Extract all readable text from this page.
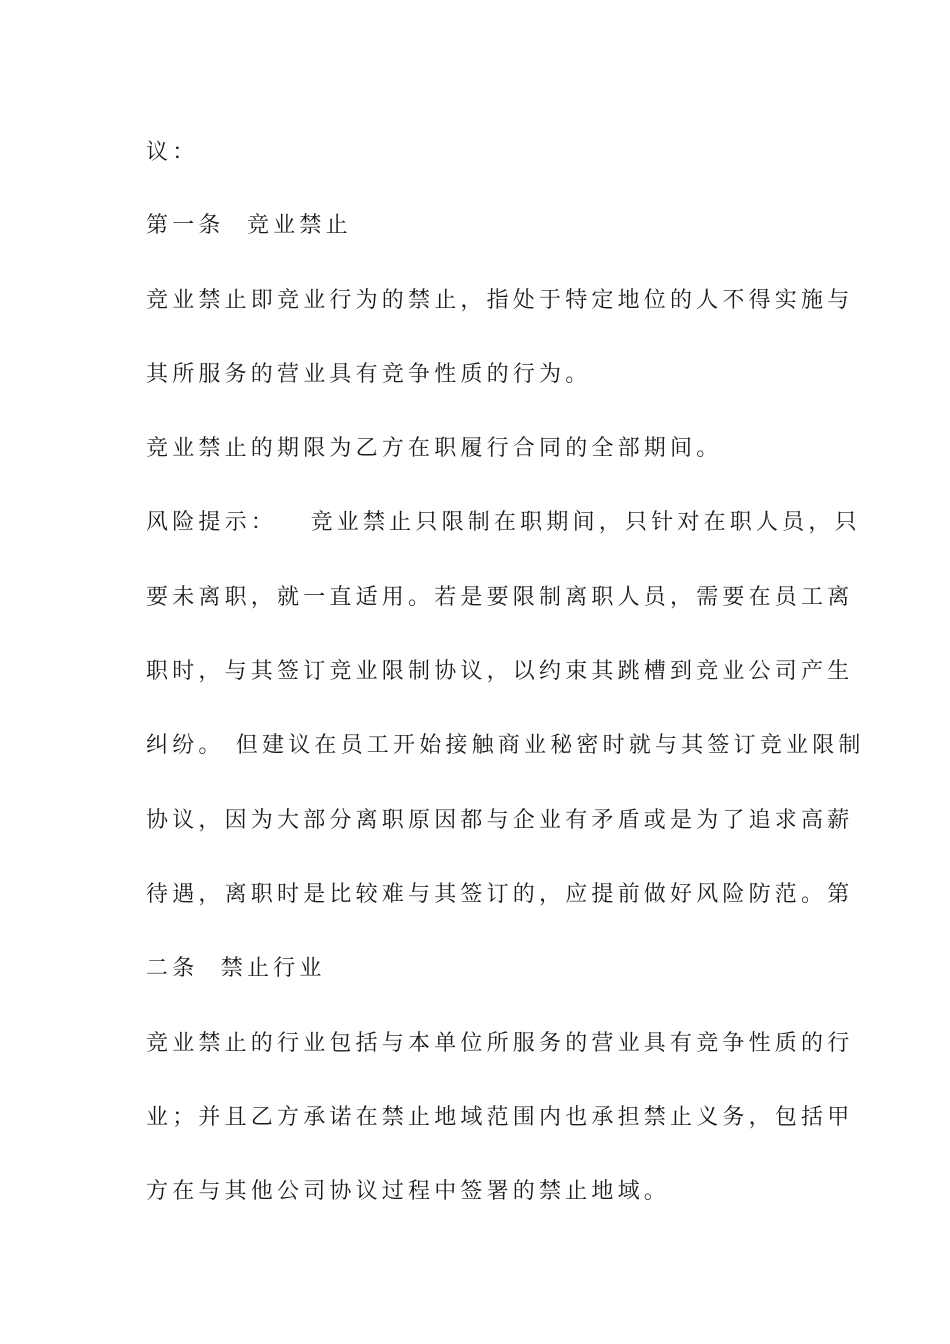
议：
第一条  竞业禁止
竞业禁止即竞业行为的禁止，指处于特定地位的人不得实施与
其所服务的营业具有竞争性质的行为。
竞业禁止的期限为乙方在职履行合同的全部期间。
风险提示：   竞业禁止只限制在职期间，只针对在职人员，只
要未离职，就一直适用。若是要限制离职人员，需要在员工离
职时，与其签订竞业限制协议，以约束其跳槽到竞业公司产生
纠纷。 但建议在员工开始接触商业秘密时就与其签订竞业限制
协议，因为大部分离职原因都与企业有矛盾或是为了追求高薪
待遇，离职时是比较难与其签订的，应提前做好风险防范。第
二条  禁止行业
竞业禁止的行业包括与本单位所服务的营业具有竞争性质的行
业；并且乙方承诺在禁止地域范围内也承担禁止义务，包括甲
方在与其他公司协议过程中签署的禁止地域。
